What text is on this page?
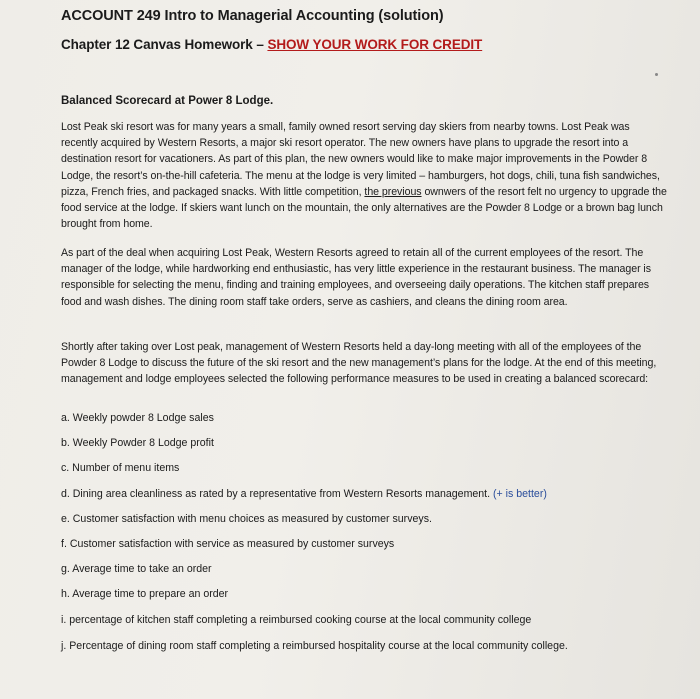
ACCOUNT 249 Intro to Managerial Accounting (solution)
Chapter 12 Canvas Homework – SHOW YOUR WORK FOR CREDIT
Balanced Scorecard at Power 8 Lodge.
Lost Peak ski resort was for many years a small, family owned resort serving day skiers from nearby towns. Lost Peak was recently acquired by Western Resorts, a major ski resort operator. The new owners have plans to upgrade the resort into a destination resort for vacationers. As part of this plan, the new owners would like to make major improvements in the Powder 8 Lodge, the resort’s on-the-hill cafeteria. The menu at the lodge is very limited – hamburgers, hot dogs, chili, tuna fish sandwiches, pizza, French fries, and packaged snacks. With little competition, the previous ownwers of the resort felt no urgency to upgrade the food service at the lodge. If skiers want lunch on the mountain, the only alternatives are the Powder 8 Lodge or a brown bag lunch brought from home.
As part of the deal when acquiring Lost Peak, Western Resorts agreed to retain all of the current employees of the resort. The manager of the lodge, while hardworking end enthusiastic, has very little experience in the restaurant business. The manager is responsible for selecting the menu, finding and training employees, and overseeing daily operations. The kitchen staff prepares food and wash dishes. The dining room staff take orders, serve as cashiers, and cleans the dining room area.
Shortly after taking over Lost peak, management of Western Resorts held a day-long meeting with all of the employees of the Powder 8 Lodge to discuss the future of the ski resort and the new management’s plans for the lodge. At the end of this meeting, management and lodge employees selected the following performance measures to be used in creating a balanced scorecard:
a. Weekly powder 8 Lodge sales
b. Weekly Powder 8 Lodge profit
c. Number of menu items
d. Dining area cleanliness as rated by a representative from Western Resorts management. (+ is better)
e. Customer satisfaction with menu choices as measured by customer surveys.
f. Customer satisfaction with service as measured by customer surveys
g. Average time to take an order
h. Average time to prepare an order
i. percentage of kitchen staff completing a reimbursed cooking course at the local community college
j. Percentage of dining room staff completing a reimbursed hospitality course at the local community college.
